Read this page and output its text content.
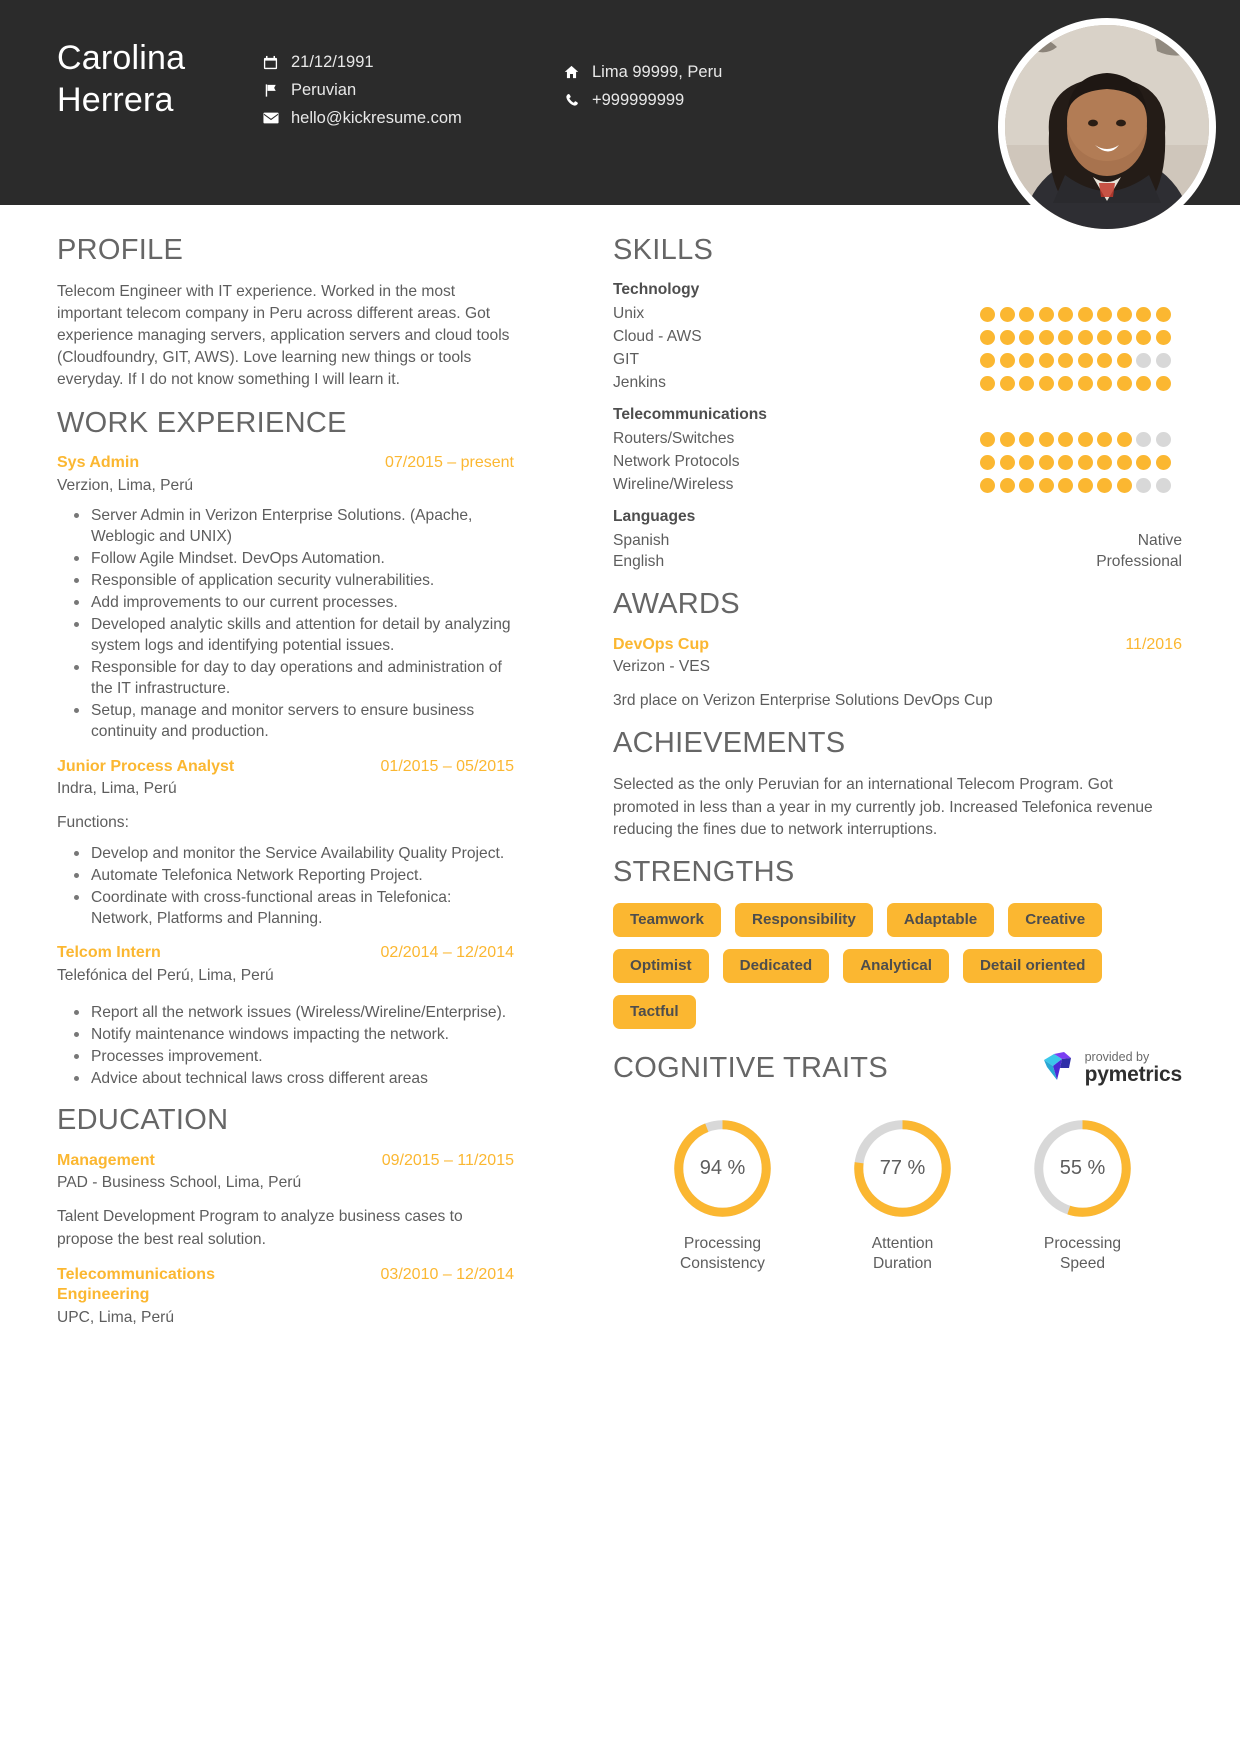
Carolina
Herrera
21/12/1991
Peruvian
hello@kickresume.com
Lima 99999, Peru
+999999999
PROFILE

Telecom Engineer with IT experience. Worked in the most important telecom company in Peru across different areas. Got experience managing servers, application servers and cloud tools (Cloudfoundry, GIT, AWS). Love learning new things or tools everyday. If I do not know something I will learn it.

WORK EXPERIENCE
Sys Admin	07/2015 – present
Verzion, Lima, Perú
Server Admin in Verizon Enterprise Solutions. (Apache, Weblogic and UNIX)
Follow Agile Mindset. DevOps Automation.
Responsible of application security vulnerabilities.
Add improvements to our current processes.
Developed analytic skills and attention for detail by analyzing system logs and identifying potential issues.
Responsible for day to day operations and administration of the IT infrastructure.
Setup, manage and monitor servers to ensure business continuity and production.
Junior Process Analyst	01/2015 – 05/2015
Indra, Lima, Perú
Functions:
Develop and monitor the Service Availability Quality Project.
Automate Telefonica Network Reporting Project.
Coordinate with cross-functional areas in Telefonica: Network, Platforms and Planning.
Telcom Intern	02/2014 – 12/2014
Telefónica del Perú, Lima, Perú
Report all the network issues (Wireless/Wireline/Enterprise).
Notify maintenance windows impacting the network.
Processes improvement.
Advice about technical laws cross different areas
EDUCATION
Management	09/2015 – 11/2015
PAD - Business School, Lima, Perú
Talent Development Program to analyze business cases to propose the best real solution.
Telecommunications Engineering
03/2010 – 12/2014
UPC, Lima, Perú
SKILLS
Technology
Unix
Cloud - AWS
GIT
Jenkins
Telecommunications
Routers/Switches
Network Protocols
Wireline/Wireless
Languages
Spanish	Native
English	Professional
AWARDS
DevOps Cup	11/2016
Verizon - VES
3rd place on Verizon Enterprise Solutions DevOps Cup
ACHIEVEMENTS

Selected as the only Peruvian for an international Telecom Program. Got promoted in less than a year in my currently job. Increased Telefonica revenue reducing the fines due to network interruptions.

STRENGTHS
Teamwork	Responsibility	Adaptable	Creative
Optimist	Dedicated	Analytical	Detail oriented
Tactful
COGNITIVE TRAITS	provided by
pymetrics
94 %
Processing
Consistency
77 %
Attention
Duration
55 %
Processing
Speed
